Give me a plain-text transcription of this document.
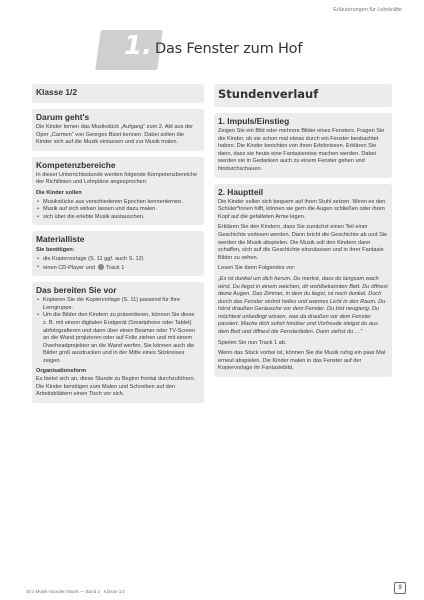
Erläuterungen für Lehrkräfte
1. Das Fenster zum Hof
Klasse 1/2
Darum geht's
Die Kinder lernen das Musikstück „Aufgang“ zum 2. Akt aus der Oper „Carmen“ von Georges Bizet kennen. Dabei sollen die Kinder sich auf die Musik einlassen und zur Musik malen.
Kompetenzbereiche
In dieser Unterrichtsstunde werden folgende Kompetenzbereiche der Richtlinien und Lehrpläne angesprochen:
Die Kinder sollen
• Musikstücke aus verschiedenen Epochen kennenlernen.
• Musik auf sich wirken lassen und dazu malen.
• sich über die erlebte Musik austauschen.
Materialliste
Sie benötigen:
• die Kopiervorlage (S. 11 ggf. auch S. 12)
• einen CD-Player und Track 1
Das bereiten Sie vor
• Kopieren Sie die Kopiervorlage (S. 11) passend für Ihre Lerngruppe.
• Um die Bilder den Kindern zu präsentieren, können Sie diese z. B. mit einem digitalen Endgerät (Smartphone oder Tablet) abfotografieren und dann über einen Beamer oder TV-Screen an die Wand projizieren oder auf Folie ziehen und mit einem Overheadprojektor an die Wand werfen. Sie können auch die Bilder groß ausdrucken und in der Mitte eines Sitzkreises zeigen.
Organisationsform
Es bietet sich an, diese Stunde zu Beginn frontal durchzuführen. Die Kinder benötigen zum Malen und Schreiben auf den Arbeitsblättern einen Tisch vor sich.
Stundenverlauf
1. Impuls/Einstieg
Zeigen Sie ein Bild oder mehrere Bilder eines Fensters. Fragen Sie die Kinder, ob sie schon mal etwas durch ein Fenster beobachtet haben. Die Kinder berichten von ihren Erlebnissen. Erklären Sie dann, dass sie heute eine Fantasiereise machen werden. Dabei werden sie in Gedanken auch zu einem Fenster gehen und hindurchschauen.
2. Hauptteil
Die Kinder sollen sich bequem auf ihren Stuhl setzen. Wenn es den Schüler*innen hilft, können sie gern die Augen schließen oder ihren Kopf auf die gefalteten Arme legen.
Erklären Sie den Kindern, dass Sie zunächst einen Teil einer Geschichte vorlesen werden. Dann bricht die Geschichte ab und Sie werden die Musik abspielen. Die Musik soll den Kindern dann schaffen, sich auf die Geschichte einzulassen und in ihrer Fantasie Bilder zu sehen.
Lesen Sie dann Folgendes vor:
„Es ist dunkel um dich herum. Du merkst, dass du langsam wach wirst. Du liegst in einem weichen, dir wohlbekannten Bett. Du öffnest deine Augen. Das Zimmer, in dem du liegst, ist noch dunkel. Doch durch das Fenster strömt helles und warmes Licht in den Raum. Du hörst draußen Geräusche vor dem Fenster. Du bist neugierig. Du möchtest unbedingt wissen, was da draußen vor dem Fenster passiert. Mache dich sofort hinüber und Vorfreude steigst du aus dem Bett und öffnest die Fensterläden. Dann siehst du …“
Spielen Sie nun Track 1 ab.
Wenn das Stück vorbei ist, können Sie die Musik ruhig ein paar Mal erneut abspielen. Die Kinder malen in das Fenster auf der Kopiervorlage ihr Fantasiebild.
30 x Musik-Stunden Musik — Band 2 · Klasse 1/2
9
